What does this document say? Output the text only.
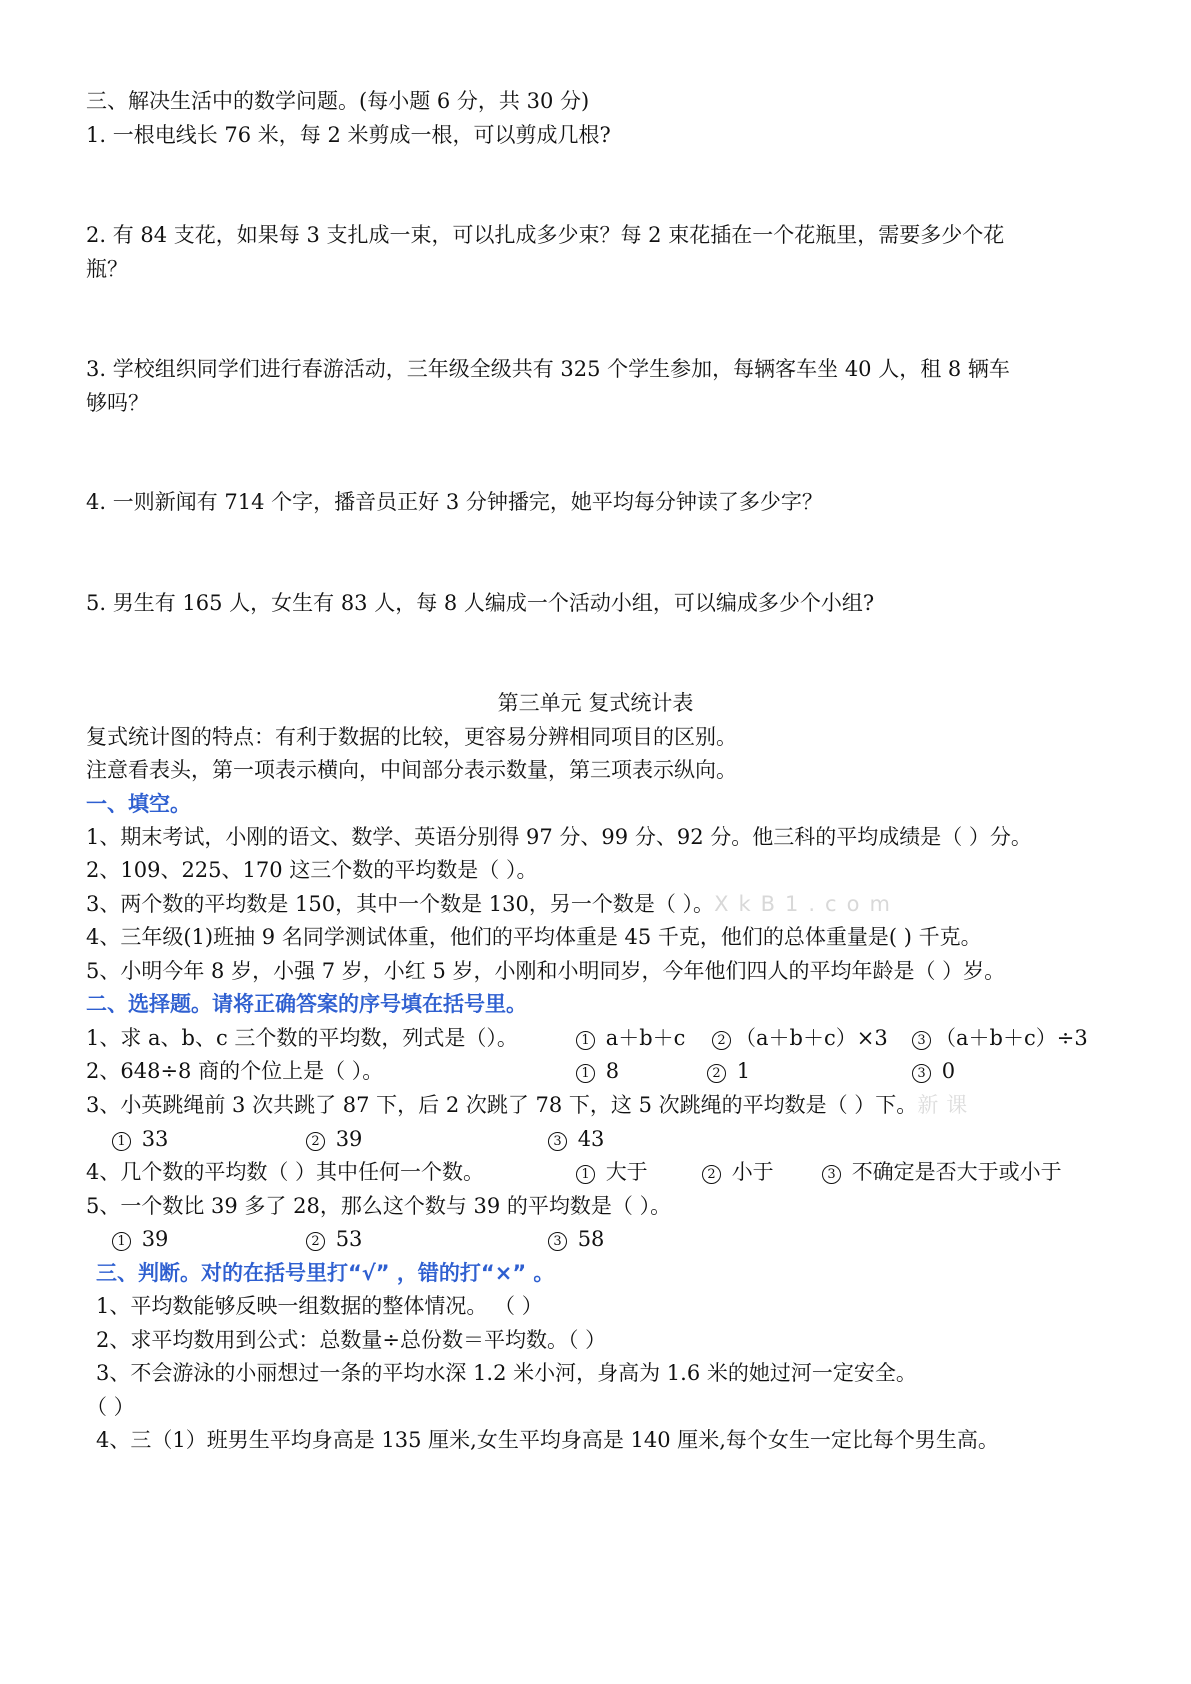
三、解决生活中的数学问题。(每小题 6 分，共 30 分)
1. 一根电线长 76 米，每 2 米剪成一根，可以剪成几根?
2. 有 84 支花，如果每 3 支扎成一束，可以扎成多少束？每 2 束花插在一个花瓶里，需要多少个花
瓶？
3. 学校组织同学们进行春游活动，三年级全级共有 325 个学生参加，每辆客车坐 40 人，租 8 辆车
够吗？
4. 一则新闻有 714 个字，播音员正好 3 分钟播完，她平均每分钟读了多少字？
5. 男生有 165 人，女生有 83 人，每 8 人编成一个活动小组，可以编成多少个小组?
第三单元 复式统计表
复式统计图的特点：有利于数据的比较，更容易分辨相同项目的区别。
注意看表头，第一项表示横向，中间部分表示数量，第三项表示纵向。
一、填空。
1、期末考试，小刚的语文、数学、英语分别得 97 分、99 分、92 分。他三科的平均成绩是（ ）分。
2、109、225、170 这三个数的平均数是（ ）。
3、两个数的平均数是 150，其中一个数是 130，另一个数是（ ）。XkB1.com
4、三年级(1)班抽 9 名同学测试体重，他们的平均体重是 45 千克，他们的总体重量是( ) 千克。
5、小明今年 8 岁，小强 7 岁，小红 5 岁，小刚和小明同岁，今年他们四人的平均年龄是（ ）岁。
二、选择题。请将正确答案的序号填在括号里。
1、求 a、b、c 三个数的平均数，列式是（）。	1 a＋b＋c	2 （a＋b＋c）×3	3 （a＋b＋c）÷3
2、648÷8 商的个位上是（ ）。	1 8	2 1	3 0
3、小英跳绳前 3 次共跳了 87 下，后 2 次跳了 78 下，这 5 次跳绳的平均数是（ ）下。新课
1 33	2 39	3 43
4、几个数的平均数（ ）其中任何一个数。	1 大于	2 小于	3 不确定是否大于或小于
5、一个数比 39 多了 28，那么这个数与 39 的平均数是（ ）。
1 39	2 53	3 58
三、判断。对的在括号里打“√” ，错的打“×” 。
1、平均数能够反映一组数据的整体情况。 （ ）
2、求平均数用到公式：总数量÷总份数＝平均数。（ ）
3、不会游泳的小丽想过一条的平均水深 1.2 米小河，身高为 1.6 米的她过河一定安全。
（ ）
4、三（1）班男生平均身高是 135 厘米,女生平均身高是 140 厘米,每个女生一定比每个男生高。
